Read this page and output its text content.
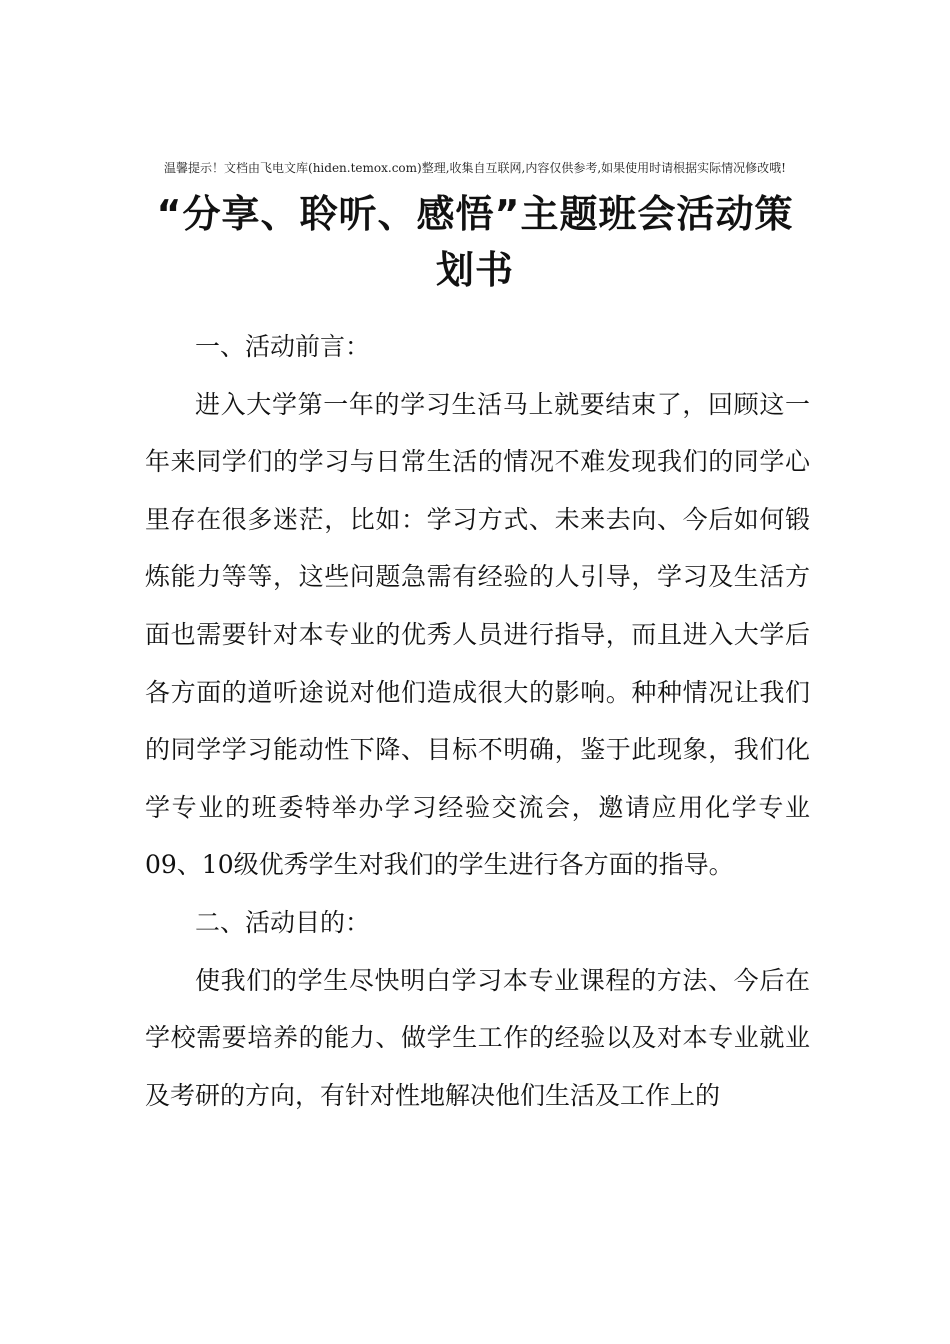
温馨提示！文档由飞电文库(hiden.temox.com)整理,收集自互联网,内容仅供参考,如果使用时请根据实际情况修改哦!
“分享、聆听、感悟”主题班会活动策划书

一、活动前言：

进入大学第一年的学习生活马上就要结束了，回顾这一年来同学们的学习与日常生活的情况不难发现我们的同学心里存在很多迷茫，比如：学习方式、未来去向、今后如何锻炼能力等等，这些问题急需有经验的人引导，学习及生活方面也需要针对本专业的优秀人员进行指导，而且进入大学后各方面的道听途说对他们造成很大的影响。种种情况让我们的同学学习能动性下降、目标不明确，鉴于此现象，我们化学专业的班委特举办学习经验交流会，邀请应用化学专业09、10级优秀学生对我们的学生进行各方面的指导。

二、活动目的：

使我们的学生尽快明白学习本专业课程的方法、今后在学校需要培养的能力、做学生工作的经验以及对本专业就业及考研的方向，有针对性地解决他们生活及工作上的
